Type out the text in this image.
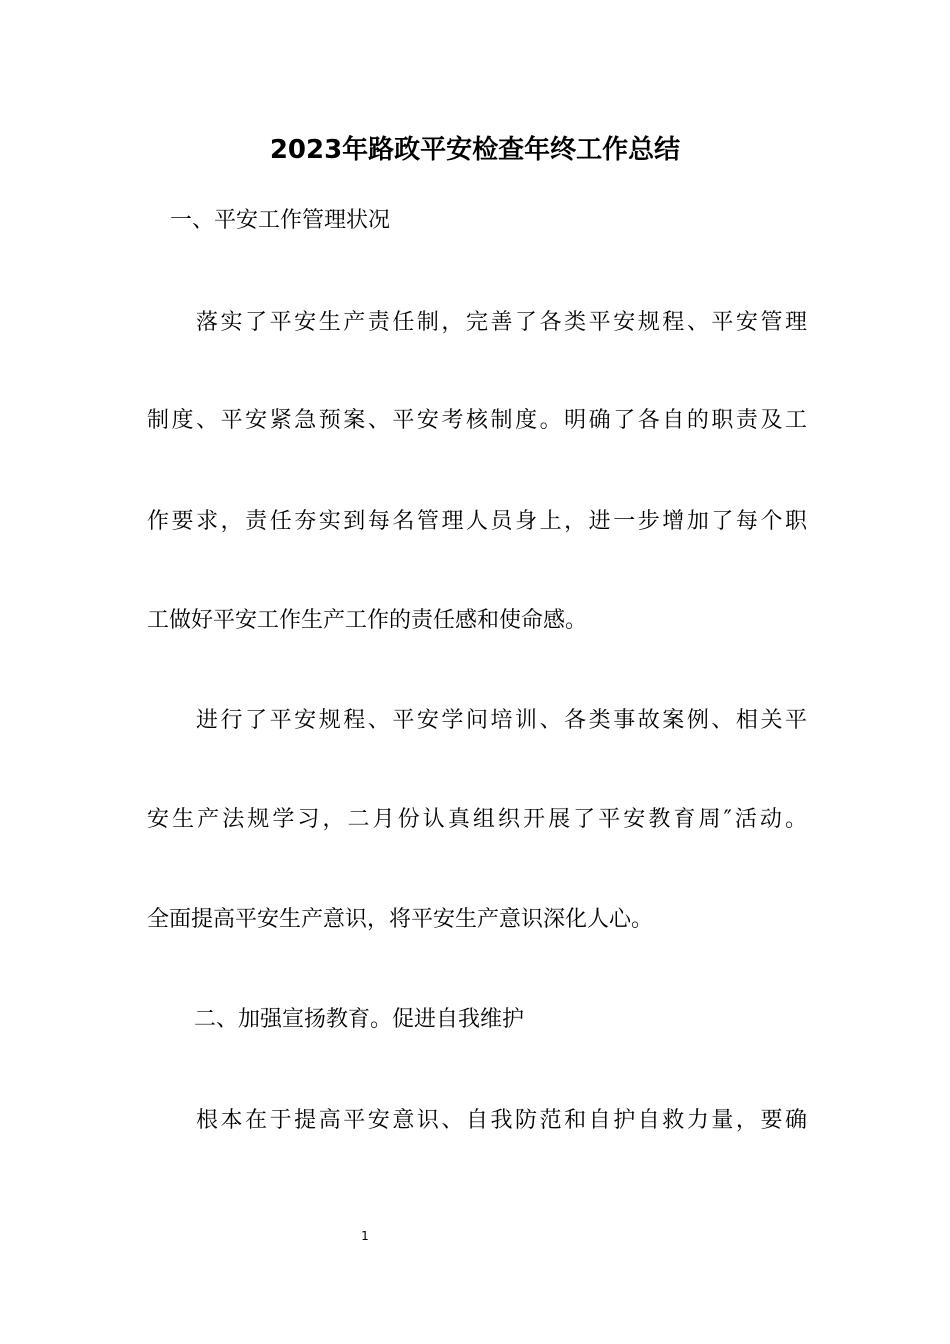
2023年路政平安检查年终工作总结

一、平安工作管理状况

落实了平安生产责任制，完善了各类平安规程、平安管理

制度、平安紧急预案、平安考核制度。明确了各自的职责及工

作要求，责任夯实到每名管理人员身上，进一步增加了每个职

工做好平安工作生产工作的责任感和使命感。

进行了平安规程、平安学问培训、各类事故案例、相关平

安生产法规学习，二月份认真组织开展了平安教育周″活动。

全面提高平安生产意识，将平安生产意识深化人心。

二、加强宣扬教育。促进自我维护

根本在于提高平安意识、自我防范和自护自救力量，要确

1
